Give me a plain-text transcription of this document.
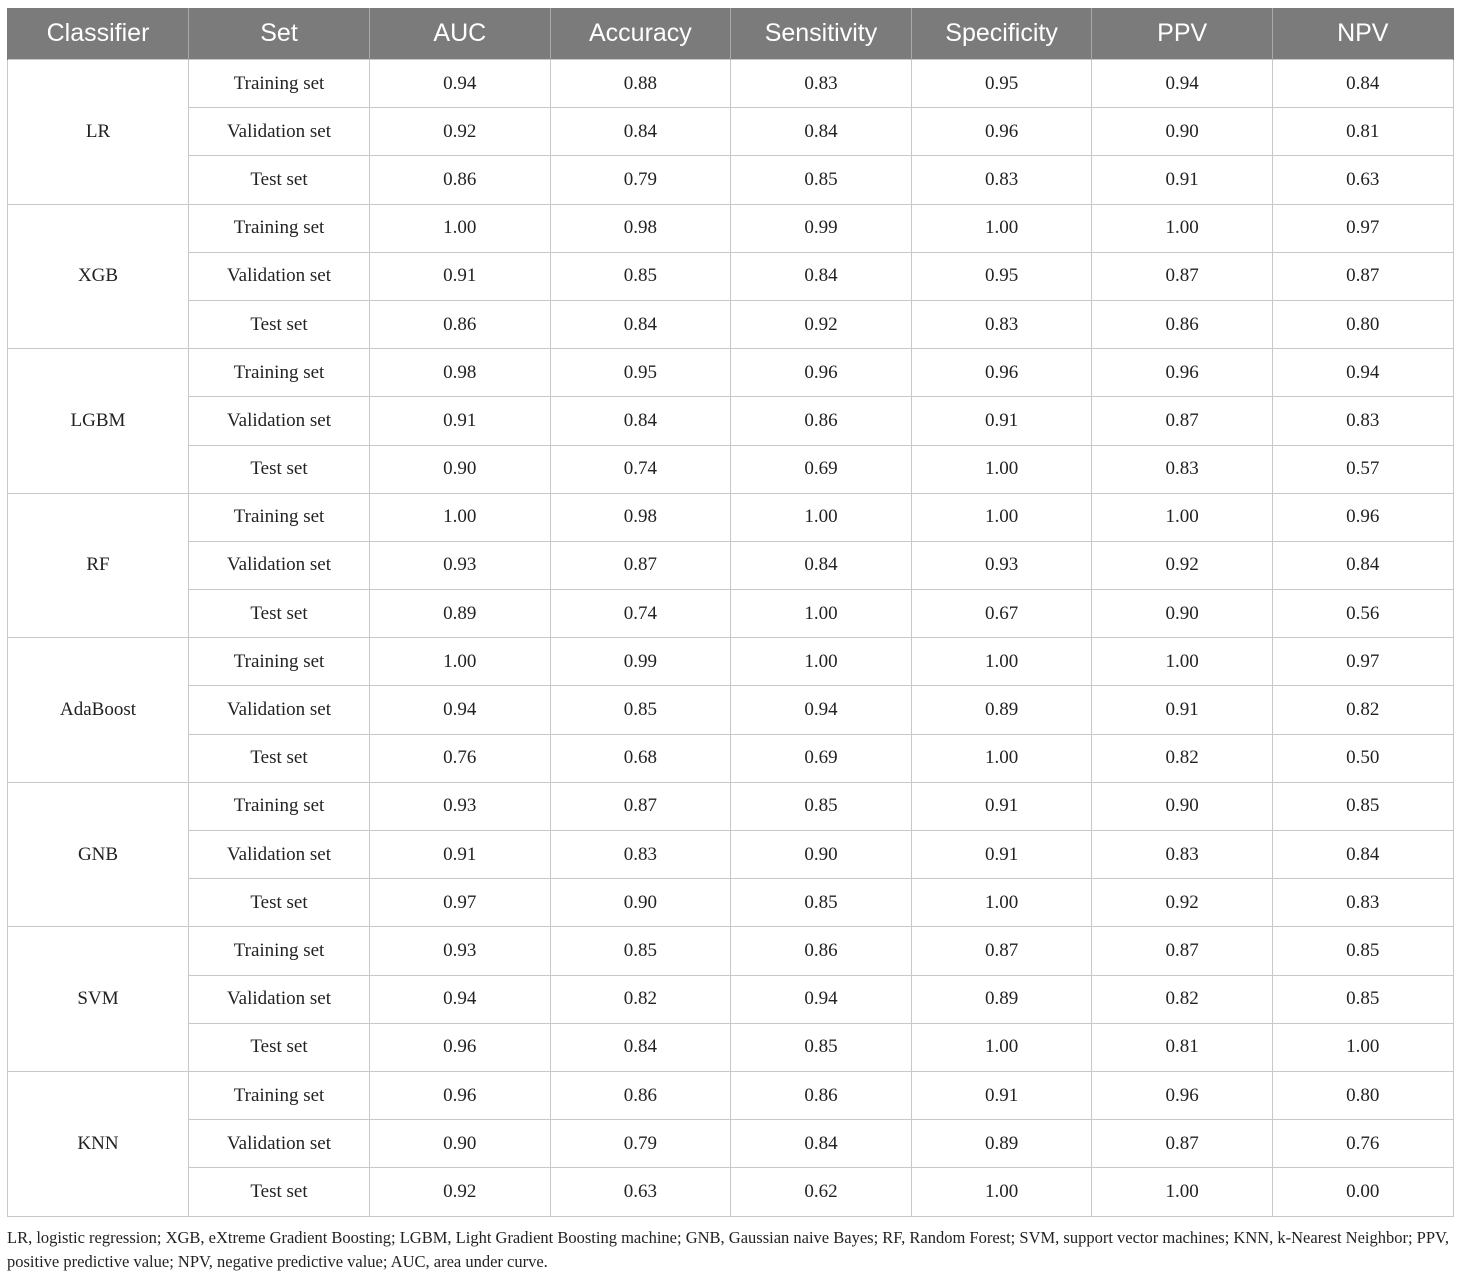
Classifier	Set	AUC	Accuracy	Sensitivity	Specificity	PPV	NPV
LR	Training set	0.94	0.88	0.83	0.95	0.94	0.84
	Validation set	0.92	0.84	0.84	0.96	0.90	0.81
	Test set	0.86	0.79	0.85	0.83	0.91	0.63
XGB	Training set	1.00	0.98	0.99	1.00	1.00	0.97
	Validation set	0.91	0.85	0.84	0.95	0.87	0.87
	Test set	0.86	0.84	0.92	0.83	0.86	0.80
LGBM	Training set	0.98	0.95	0.96	0.96	0.96	0.94
	Validation set	0.91	0.84	0.86	0.91	0.87	0.83
	Test set	0.90	0.74	0.69	1.00	0.83	0.57
RF	Training set	1.00	0.98	1.00	1.00	1.00	0.96
	Validation set	0.93	0.87	0.84	0.93	0.92	0.84
	Test set	0.89	0.74	1.00	0.67	0.90	0.56
AdaBoost	Training set	1.00	0.99	1.00	1.00	1.00	0.97
	Validation set	0.94	0.85	0.94	0.89	0.91	0.82
	Test set	0.76	0.68	0.69	1.00	0.82	0.50
GNB	Training set	0.93	0.87	0.85	0.91	0.90	0.85
	Validation set	0.91	0.83	0.90	0.91	0.83	0.84
	Test set	0.97	0.90	0.85	1.00	0.92	0.83
SVM	Training set	0.93	0.85	0.86	0.87	0.87	0.85
	Validation set	0.94	0.82	0.94	0.89	0.82	0.85
	Test set	0.96	0.84	0.85	1.00	0.81	1.00
KNN	Training set	0.96	0.86	0.86	0.91	0.96	0.80
	Validation set	0.90	0.79	0.84	0.89	0.87	0.76
	Test set	0.92	0.63	0.62	1.00	1.00	0.00
LR, logistic regression; XGB, eXtreme Gradient Boosting; LGBM, Light Gradient Boosting machine; GNB, Gaussian naive Bayes; RF, Random Forest; SVM, support vector machines; KNN, k-Nearest Neighbor; PPV, positive predictive value; NPV, negative predictive value; AUC, area under curve.
